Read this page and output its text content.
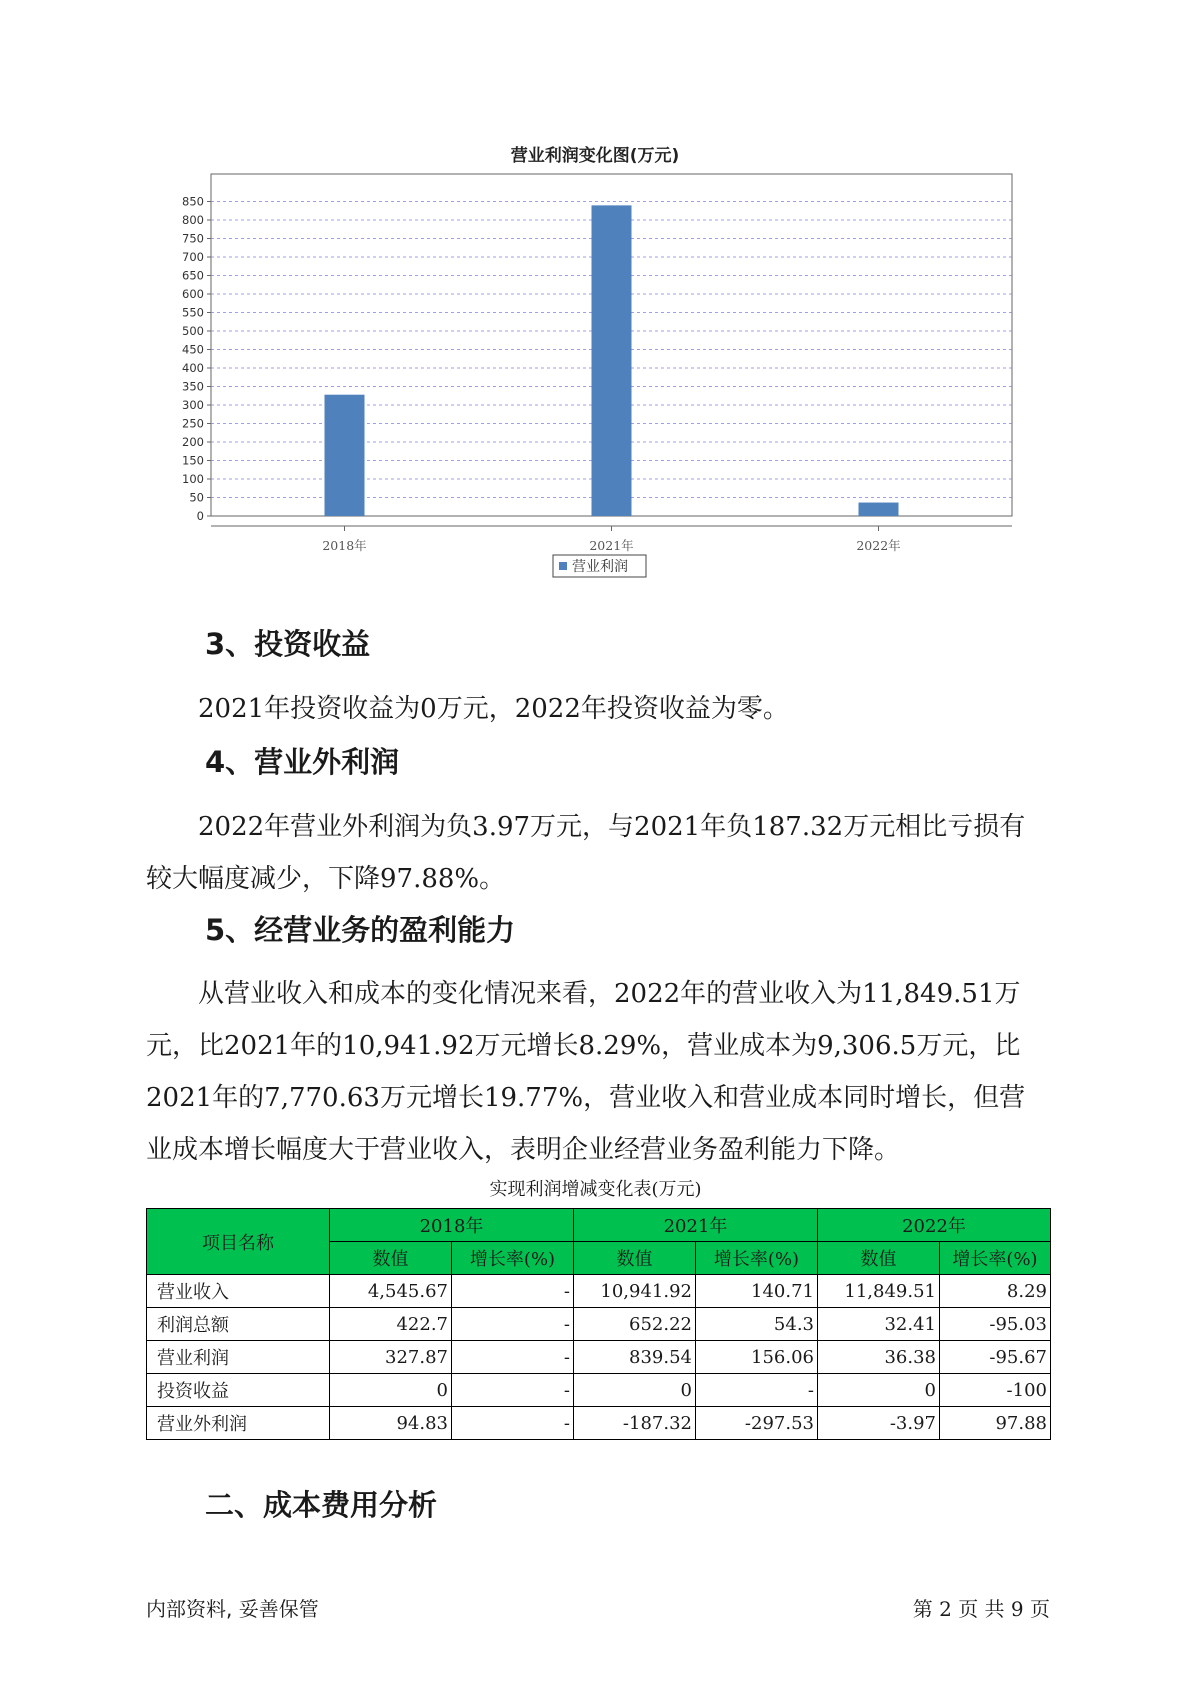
营业利润变化图(万元)
0
50
100
150
200
250
300
350
400
450
500
550
600
650
700
750
800
850
2018年	2021年	2022年
营业利润
3、投资收益

2021年投资收益为0万元，2022年投资收益为零。

4、营业外利润

2022年营业外利润为负3.97万元，与2021年负187.32万元相比亏损有较大幅度减少，下降97.88%。

5、经营业务的盈利能力

从营业收入和成本的变化情况来看，2022年的营业收入为11,849.51万元，比2021年的10,941.92万元增长8.29%，营业成本为9,306.5万元，比2021年的7,770.63万元增长19.77%，营业收入和营业成本同时增长，但营业成本增长幅度大于营业收入，表明企业经营业务盈利能力下降。

实现利润增减变化表(万元)
项目名称	2018年		2021年		2022年	
	数值	增长率(%)	数值	增长率(%)	数值	增长率(%)
营业收入	4,545.67	-	10,941.92	140.71	11,849.51	8.29
利润总额	422.7	-	652.22	54.3	32.41	-95.03
营业利润	327.87	-	839.54	156.06	36.38	-95.67
投资收益	0	-	0	-	0	-100
营业外利润	94.83	-	-187.32	-297.53	-3.97	97.88
二、成本费用分析
内部资料, 妥善保管	第 2 页 共 9 页
